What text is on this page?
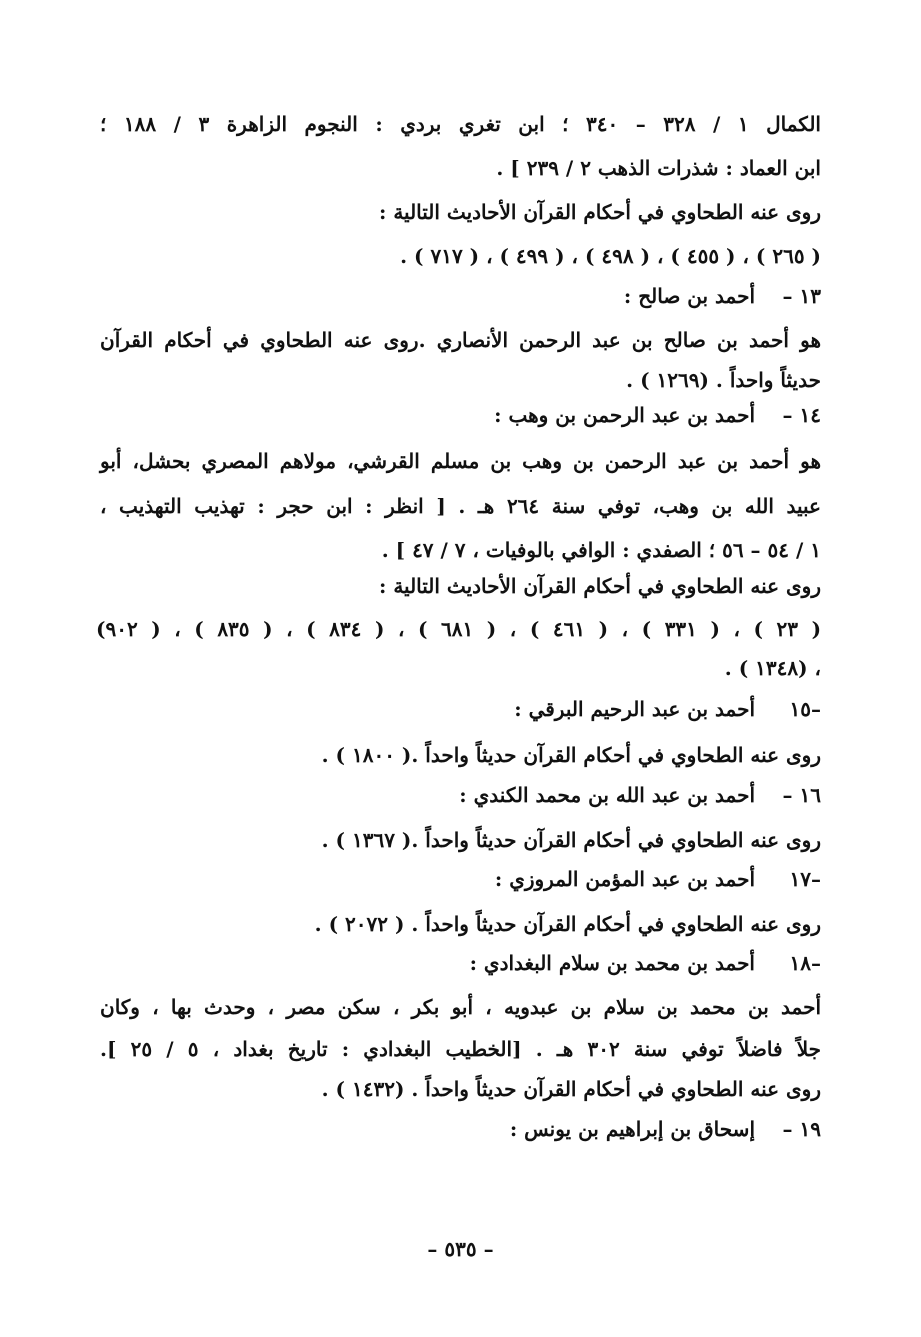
الكمال ١ / ٣٢٨ – ٣٤٠ ؛ ابن تغري بردي : النجوم الزاهرة ٣ / ١٨٨ ؛
ابن العماد : شذرات الذهب ٢ / ٢٣٩ ] .
روى عنه الطحاوي في أحكام القرآن الأحاديث التالية :
( ٢٦٥ ) ، ( ٤٥٥ ) ، ( ٤٩٨ ) ، ( ٤٩٩ ) ، ( ٧١٧ ) .
١٣ –أحمد بن صالح :
هو أحمد بن صالح بن عبد الرحمن الأنصاري .روى عنه الطحاوي في أحكام القرآن
حديثاً واحداً . (١٢٦٩ ) .
١٤ –أحمد بن عبد الرحمن بن وهب :
هو أحمد بن عبد الرحمن بن وهب بن مسلم القرشي، مولاهم المصري بحشل، أبو
عبيد الله بن وهب، توفي سنة ٢٦٤ هـ . [ انظر : ابن حجر : تهذيب التهذيب ،
١ / ٥٤ – ٥٦ ؛ الصفدي : الوافي بالوفيات ، ٧ / ٤٧ ] .
روى عنه الطحاوي في أحكام القرآن الأحاديث التالية :
( ٢٣ ) ، ( ٣٣١ ) ، ( ٤٦١ ) ، ( ٦٨١ ) ، ( ٨٣٤ ) ، ( ٨٣٥ ) ، ( ٩٠٢)
، (١٣٤٨ ) .
–١٥أحمد بن عبد الرحيم البرقي :
روى عنه الطحاوي في أحكام القرآن حديثاً واحداً .( ١٨٠٠ ) .
١٦ –أحمد بن عبد الله بن محمد الكندي :
روى عنه الطحاوي في أحكام القرآن حديثاً واحداً .( ١٣٦٧ ) .
–١٧أحمد بن عبد المؤمن المروزي :
روى عنه الطحاوي في أحكام القرآن حديثاً واحداً . ( ٢٠٧٢ ) .
–١٨أحمد بن محمد بن سلام البغدادي :
أحمد بن محمد بن سلام بن عبدويه ، أبو بكر ، سكن مصر ، وحدث بها ، وكان
جلاً فاضلاً توفي سنة ٣٠٢ هـ . [الخطيب البغدادي : تاريخ بغداد ، ٥ / ٢٥ ].
روى عنه الطحاوي في أحكام القرآن حديثاً واحداً . (١٤٣٢ ) .
١٩ –إسحاق بن إبراهيم بن يونس :
– ٥٣٥ –
